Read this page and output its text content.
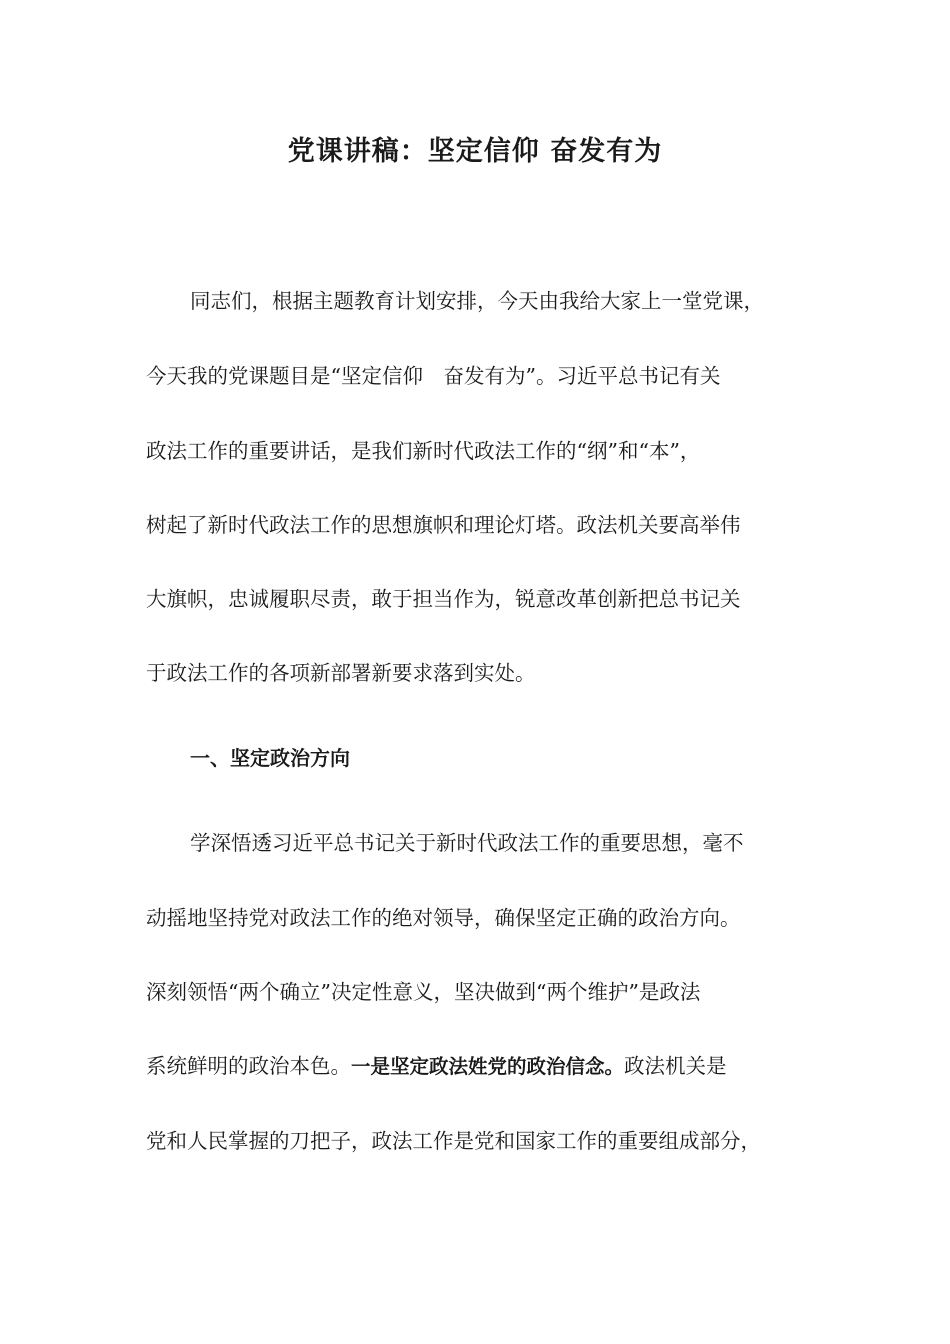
党课讲稿：坚定信仰 奋发有为
同志们，根据主题教育计划安排，今天由我给大家上一堂党课，
今天我的党课题目是“坚定信仰　奋发有为”。习近平总书记有关
政法工作的重要讲话，是我们新时代政法工作的“纲”和“本”，
树起了新时代政法工作的思想旗帜和理论灯塔。政法机关要高举伟
大旗帜，忠诚履职尽责，敢于担当作为，锐意改革创新把总书记关
于政法工作的各项新部署新要求落到实处。
一、坚定政治方向
学深悟透习近平总书记关于新时代政法工作的重要思想，毫不
动摇地坚持党对政法工作的绝对领导，确保坚定正确的政治方向。
深刻领悟“两个确立”决定性意义，坚决做到“两个维护”是政法
系统鲜明的政治本色。一是坚定政法姓党的政治信念。政法机关是
党和人民掌握的刀把子，政法工作是党和国家工作的重要组成部分，
